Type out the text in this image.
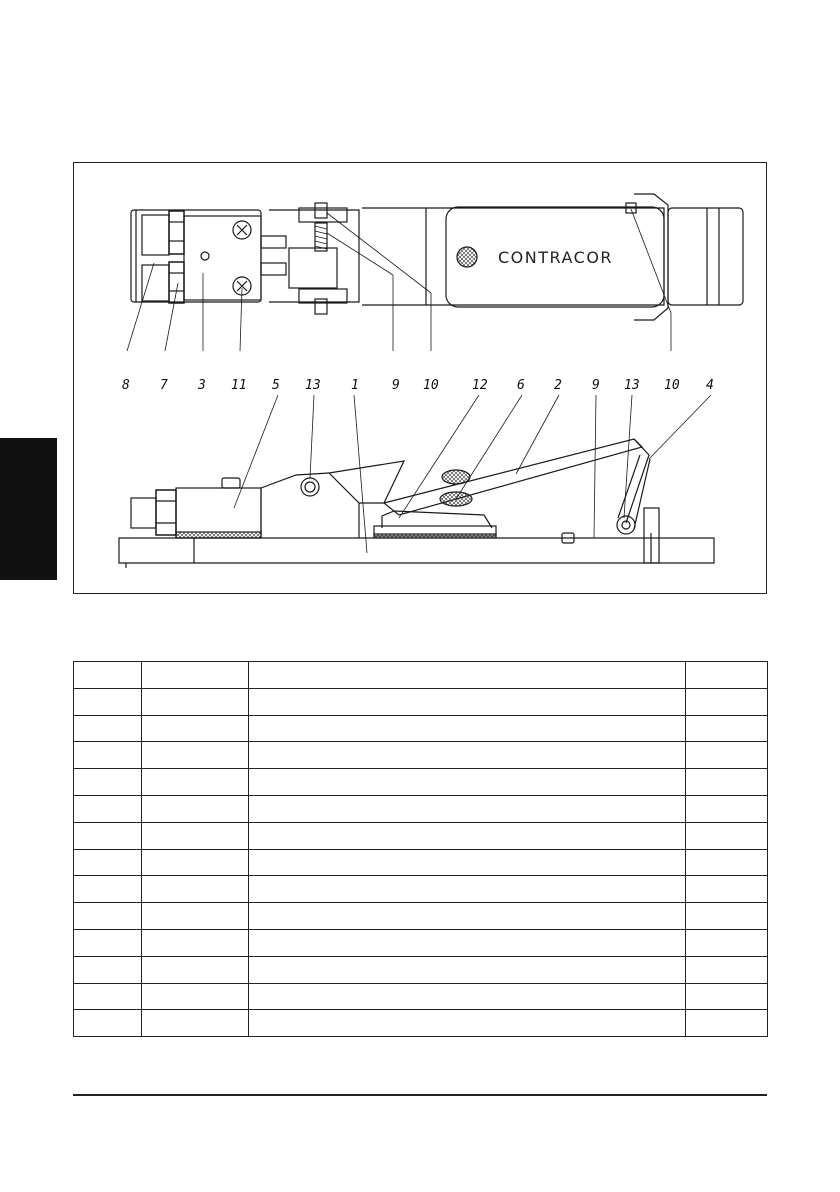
CONTRACOR
8 7 3 11 5 13 1	9 10	12 6 2 9 13 10 4
